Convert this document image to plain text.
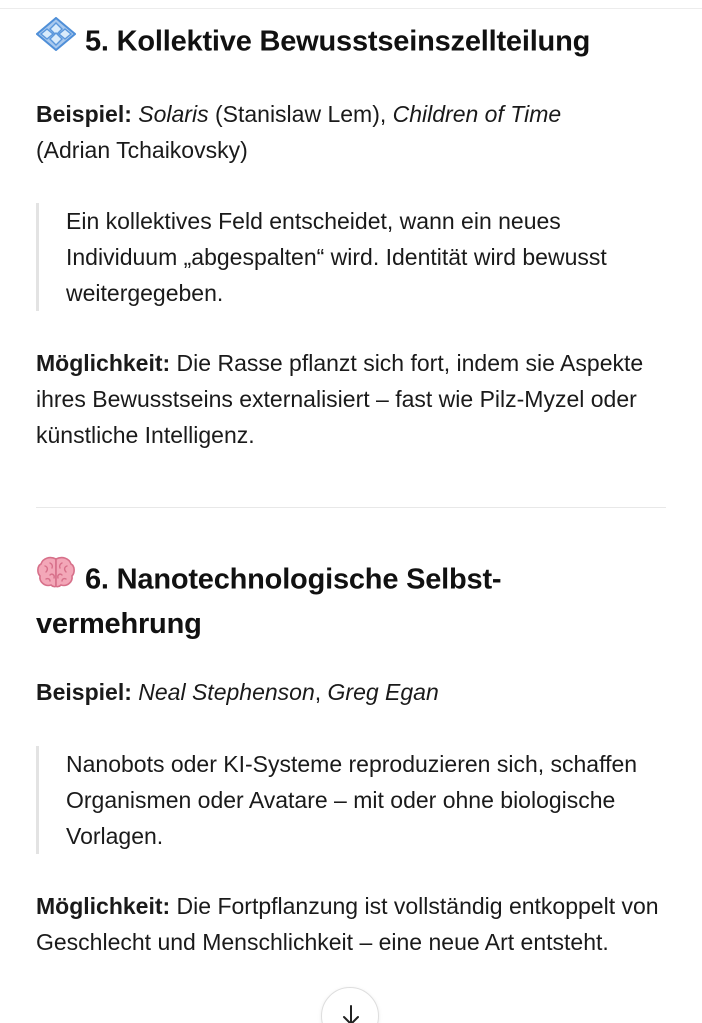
5. Kollektive Bewusstseinszellteilung

Beispiel: Solaris (Stanislaw Lem), Children of Time
(Adrian Tchaikovsky)

Ein kollektives Feld entscheidet, wann ein neues Individuum „abgespalten“ wird. Identität wird bewusst weitergegeben.

Möglichkeit: Die Rasse pflanzt sich fort, indem sie Aspekte ihres Bewusstseins externalisiert – fast wie Pilz-Myzel oder künstliche Intelligenz.

6. Nanotechnologische Selbst-
vermehrung

Beispiel: Neal Stephenson, Greg Egan

Nanobots oder KI-Systeme reproduzieren sich, schaffen Organismen oder Avatare – mit oder ohne biologische Vorlagen.

Möglichkeit: Die Fortpflanzung ist vollständig entkoppelt von Geschlecht und Menschlichkeit – eine neue Art entsteht.
